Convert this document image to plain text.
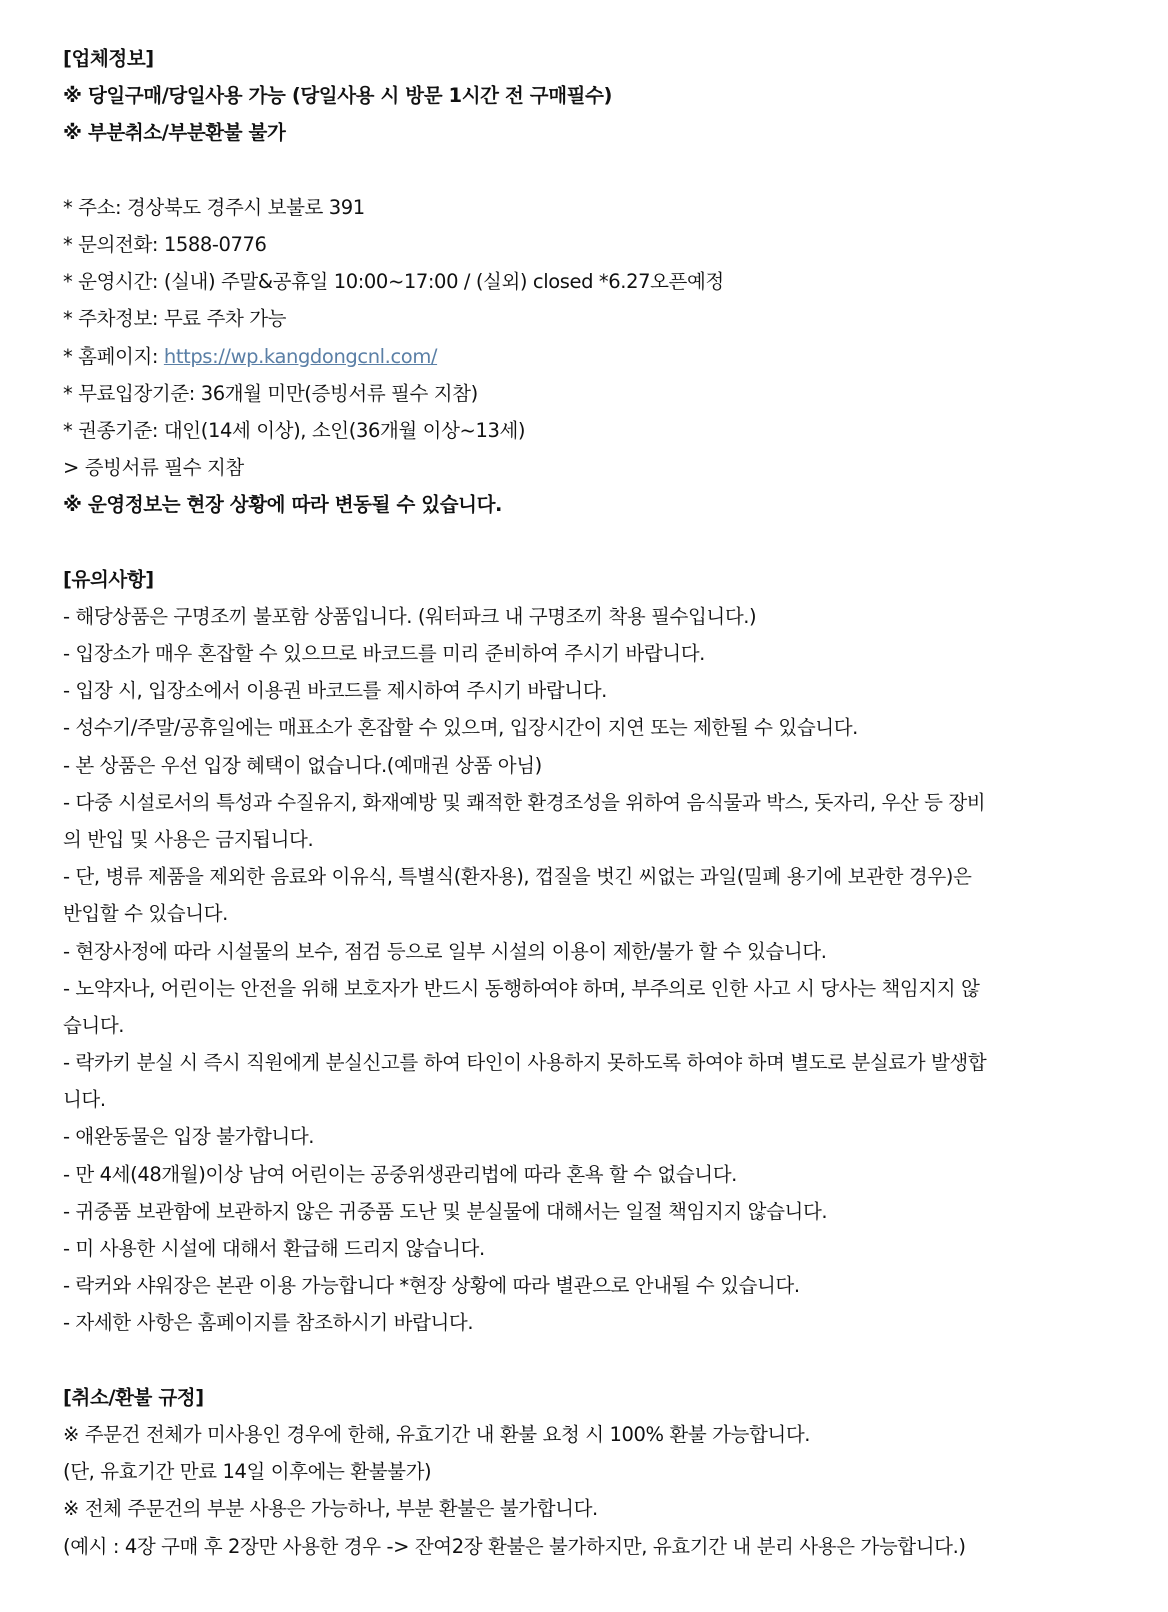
[업체정보]
※ 당일구매/당일사용 가능 (당일사용 시 방문 1시간 전 구매필수)
※ 부분취소/부분환불 불가
* 주소: 경상북도 경주시 보불로 391
* 문의전화: 1588-0776
* 운영시간: (실내) 주말&공휴일 10:00~17:00 / (실외) closed *6.27오픈예정
* 주차정보: 무료 주차 가능
* 홈페이지: https://wp.kangdongcnl.com/
* 무료입장기준: 36개월 미만(증빙서류 필수 지참)
* 권종기준: 대인(14세 이상), 소인(36개월 이상~13세)
> 증빙서류 필수 지참
※ 운영정보는 현장 상황에 따라 변동될 수 있습니다.
[유의사항]
- 해당상품은 구명조끼 불포함 상품입니다. (워터파크 내 구명조끼 착용 필수입니다.)
- 입장소가 매우 혼잡할 수 있으므로 바코드를 미리 준비하여 주시기 바랍니다.
- 입장 시, 입장소에서 이용권 바코드를 제시하여 주시기 바랍니다.
- 성수기/주말/공휴일에는 매표소가 혼잡할 수 있으며, 입장시간이 지연 또는 제한될 수 있습니다.
- 본 상품은 우선 입장 혜택이 없습니다.(예매권 상품 아님)
- 다중 시설로서의 특성과 수질유지, 화재예방 및 쾌적한 환경조성을 위하여 음식물과 박스, 돗자리, 우산 등 장비
의 반입 및 사용은 금지됩니다.
- 단, 병류 제품을 제외한 음료와 이유식, 특별식(환자용), 껍질을 벗긴 씨없는 과일(밀폐 용기에 보관한 경우)은
반입할 수 있습니다.
- 현장사정에 따라 시설물의 보수, 점검 등으로 일부 시설의 이용이 제한/불가 할 수 있습니다.
- 노약자나, 어린이는 안전을 위해 보호자가 반드시 동행하여야 하며, 부주의로 인한 사고 시 당사는 책임지지 않
습니다.
- 락카키 분실 시 즉시 직원에게 분실신고를 하여 타인이 사용하지 못하도록 하여야 하며 별도로 분실료가 발생합
니다.
- 애완동물은 입장 불가합니다.
- 만 4세(48개월)이상 남여 어린이는 공중위생관리법에 따라 혼욕 할 수 없습니다.
- 귀중품 보관함에 보관하지 않은 귀중품 도난 및 분실물에 대해서는 일절 책임지지 않습니다.
- 미 사용한 시설에 대해서 환급해 드리지 않습니다.
- 락커와 샤워장은 본관 이용 가능합니다 *현장 상황에 따라 별관으로 안내될 수 있습니다.
- 자세한 사항은 홈페이지를 참조하시기 바랍니다.
[취소/환불 규정]
※ 주문건 전체가 미사용인 경우에 한해, 유효기간 내 환불 요청 시 100% 환불 가능합니다.
(단, 유효기간 만료 14일 이후에는 환불불가)
※ 전체 주문건의 부분 사용은 가능하나, 부분 환불은 불가합니다.
(예시 : 4장 구매 후 2장만 사용한 경우 -> 잔여2장 환불은 불가하지만, 유효기간 내 분리 사용은 가능합니다.)
